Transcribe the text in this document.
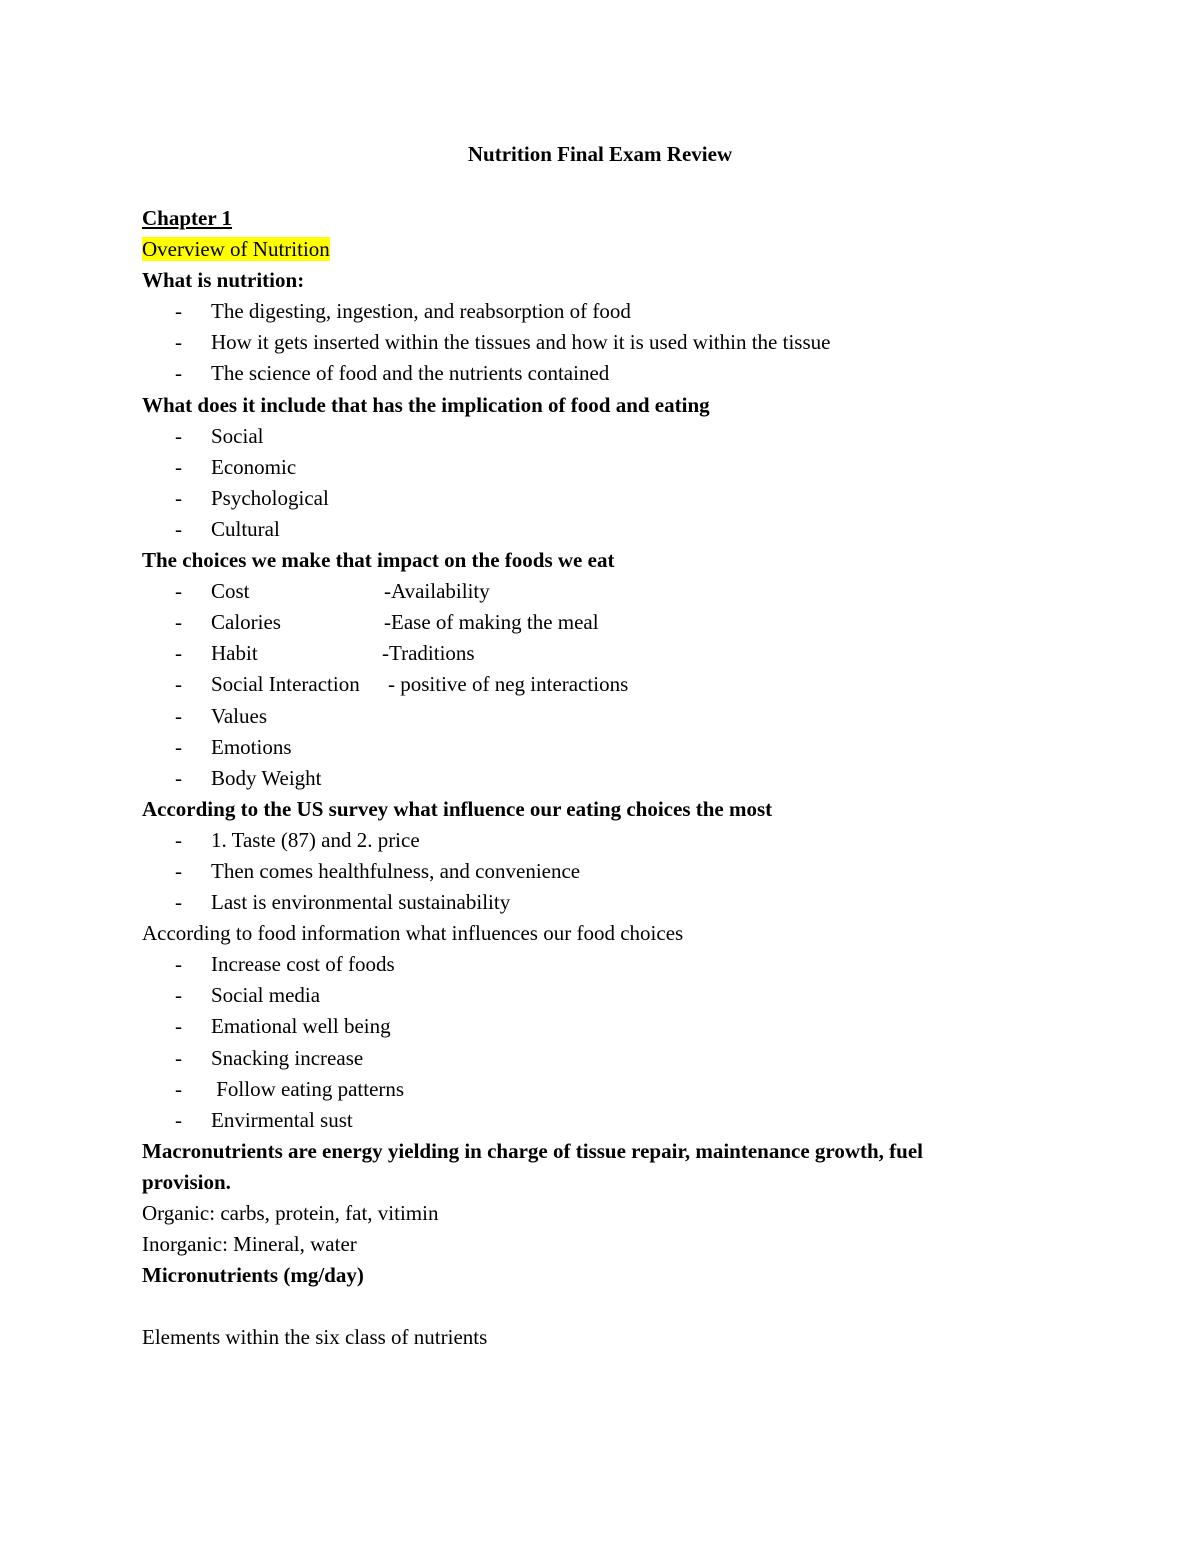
Nutrition Final Exam Review
Chapter 1
Overview of Nutrition
What is nutrition:
- The digesting, ingestion, and reabsorption of food
- How it gets inserted within the tissues and how it is used within the tissue
- The science of food and the nutrients contained
What does it include that has the implication of food and eating
- Social
- Economic
- Psychological
- Cultural
The choices we make that impact on the foods we eat
- Cost	-Availability
- Calories	-Ease of making the meal
- Habit	-Traditions
- Social Interaction - positive of neg interactions
- Values
- Emotions
- Body Weight
According to the US survey what influence our eating choices the most
- 1. Taste (87) and 2. price
- Then comes healthfulness, and convenience
- Last is environmental sustainability
According to food information what influences our food choices
- Increase cost of foods
- Social media
- Emational well being
- Snacking increase
- Follow eating patterns
- Envirmental sust
Macronutrients are energy yielding in charge of tissue repair, maintenance growth, fuel
provision.
Organic: carbs, protein, fat, vitimin
Inorganic: Mineral, water
Micronutrients (mg/day)
Elements within the six class of nutrients
